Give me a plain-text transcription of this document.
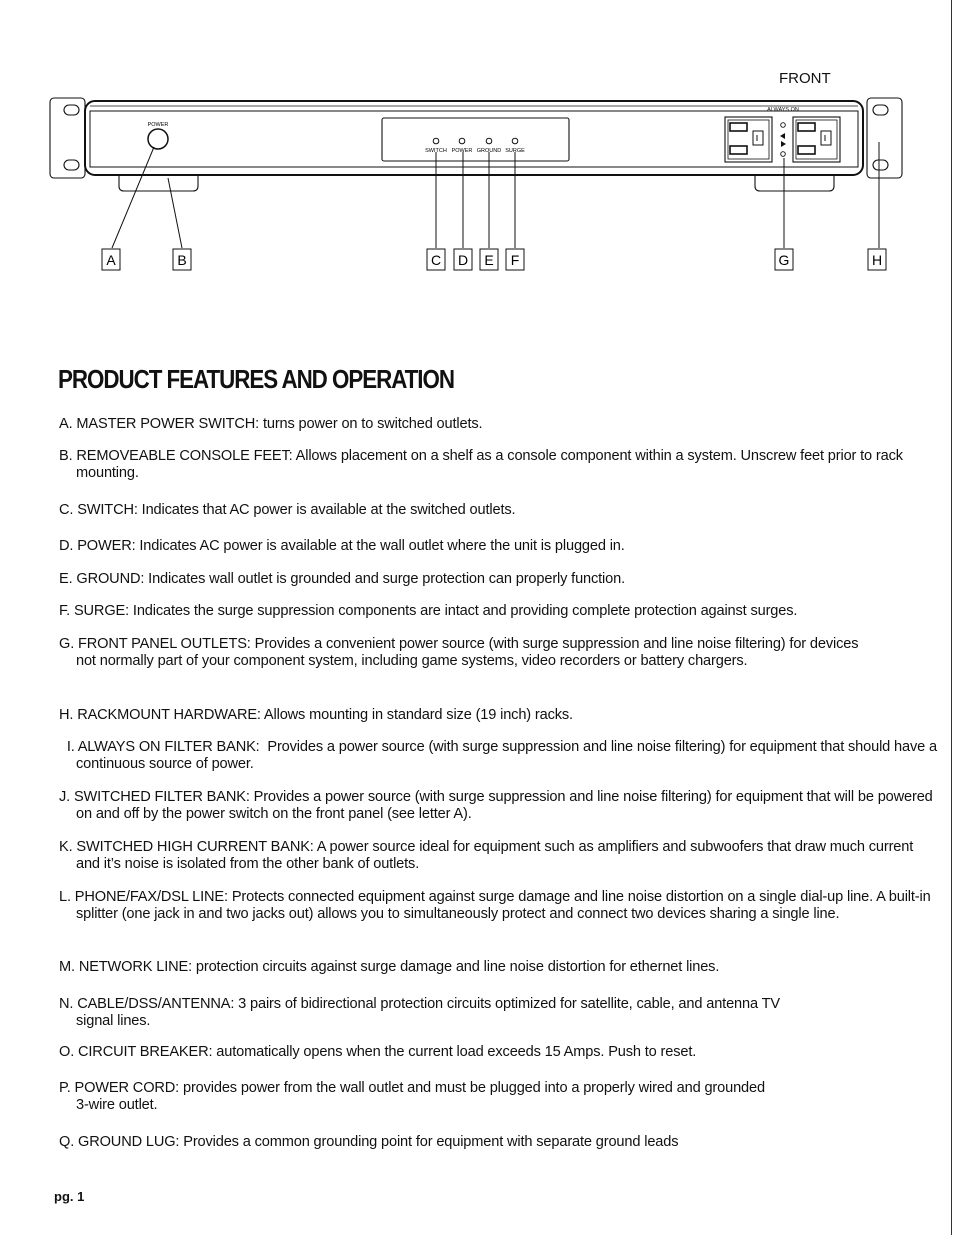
FRONT
POWER
SWITCH POWER GROUND SURGE
ALWAYS ON
A	B	C D E F	G	H
PRODUCT FEATURES AND OPERATION

A. MASTER POWER SWITCH: turns power on to switched outlets.

B. REMOVEABLE CONSOLE FEET: Allows placement on a shelf as a console component within a system. Unscrew feet prior to rack mounting.

C. SWITCH: Indicates that AC power is available at the switched outlets.

D. POWER: Indicates AC power is available at the wall outlet where the unit is plugged in.

E. GROUND: Indicates wall outlet is grounded and surge protection can properly function.

F. SURGE: Indicates the surge suppression components are intact and providing complete protection against surges.

G. FRONT PANEL OUTLETS: Provides a convenient power source (with surge suppression and line noise filtering) for devices not normally part of your component system, including game systems, video recorders or battery chargers.

H. RACKMOUNT HARDWARE: Allows mounting in standard size (19 inch) racks.

I. ALWAYS ON FILTER BANK:  Provides a power source (with surge suppression and line noise filtering) for equipment that should have a continuous source of power.

J. SWITCHED FILTER BANK: Provides a power source (with surge suppression and line noise filtering) for equipment that will be powered on and off by the power switch on the front panel (see letter A).

K. SWITCHED HIGH CURRENT BANK: A power source ideal for equipment such as amplifiers and subwoofers that draw much current and it’s noise is isolated from the other bank of outlets.

L. PHONE/FAX/DSL LINE: Protects connected equipment against surge damage and line noise distortion on a single dial-up line. A built-in splitter (one jack in and two jacks out) allows you to simultaneously protect and connect two devices sharing a single line.

M. NETWORK LINE: protection circuits against surge damage and line noise distortion for ethernet lines.

N. CABLE/DSS/ANTENNA: 3 pairs of bidirectional protection circuits optimized for satellite, cable, and antenna TV signal lines.

O. CIRCUIT BREAKER: automatically opens when the current load exceeds 15 Amps. Push to reset.

P. POWER CORD: provides power from the wall outlet and must be plugged into a properly wired and grounded 3-wire outlet.

Q. GROUND LUG: Provides a common grounding point for equipment with separate ground leads

pg. 1
